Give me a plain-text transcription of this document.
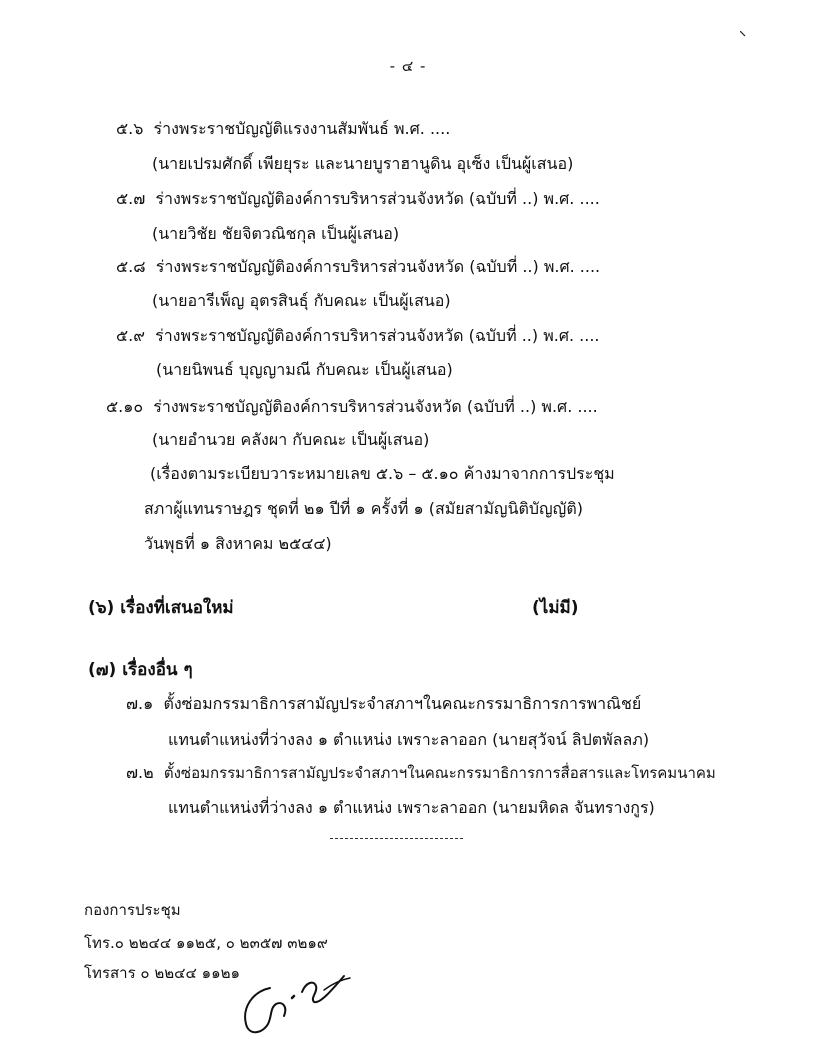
- ๔ -
๕.๖ ร่างพระราชบัญญัติแรงงานสัมพันธ์ พ.ศ. ....
(นายเปรมศักดิ์ เพียยุระ และนายบูราฮานูดิน อุเซ็ง เป็นผู้เสนอ)
๕.๗ ร่างพระราชบัญญัติองค์การบริหารส่วนจังหวัด (ฉบับที่ ..) พ.ศ. ....
(นายวิชัย ชัยจิตวณิชกุล เป็นผู้เสนอ)
๕.๘ ร่างพระราชบัญญัติองค์การบริหารส่วนจังหวัด (ฉบับที่ ..) พ.ศ. ....
(นายอารีเพ็ญ อุตรสินธุ์ กับคณะ เป็นผู้เสนอ)
๕.๙ ร่างพระราชบัญญัติองค์การบริหารส่วนจังหวัด (ฉบับที่ ..) พ.ศ. ....
(นายนิพนธ์ บุญญามณี กับคณะ เป็นผู้เสนอ)
๕.๑๐ ร่างพระราชบัญญัติองค์การบริหารส่วนจังหวัด (ฉบับที่ ..) พ.ศ. ....
(นายอำนวย คลังผา กับคณะ เป็นผู้เสนอ)
(เรื่องตามระเบียบวาระหมายเลข ๕.๖ – ๕.๑๐ ค้างมาจากการประชุม
สภาผู้แทนราษฎร ชุดที่ ๒๑ ปีที่ ๑ ครั้งที่ ๑ (สมัยสามัญนิติบัญญัติ)
วันพุธที่ ๑ สิงหาคม ๒๕๔๔)
(๖) เรื่องที่เสนอใหม่	(ไม่มี)
(๗) เรื่องอื่น ๆ
๗.๑ ตั้งซ่อมกรรมาธิการสามัญประจำสภาฯในคณะกรรมาธิการการพาณิชย์
แทนตำแหน่งที่ว่างลง ๑ ตำแหน่ง เพราะลาออก (นายสุวัจน์ ลิปตพัลลภ)
๗.๒ ตั้งซ่อมกรรมาธิการสามัญประจำสภาฯในคณะกรรมาธิการการสื่อสารและโทรคมนาคม
แทนตำแหน่งที่ว่างลง ๑ ตำแหน่ง เพราะลาออก (นายมหิดล จันทรางกูร)
กองการประชุม
โทร.๐ ๒๒๔๔ ๑๑๒๕, ๐ ๒๓๕๗ ๓๒๑๙
โทรสาร ๐ ๒๒๔๔ ๑๑๒๑
